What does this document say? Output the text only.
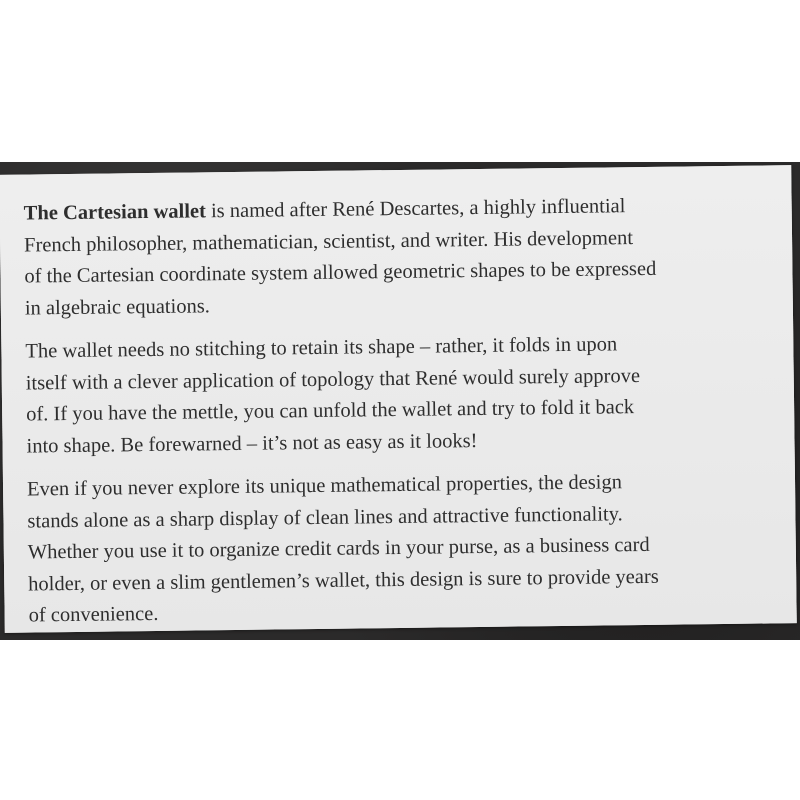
The Cartesian wallet is named after René Descartes, a highly influential
French philosopher, mathematician, scientist, and writer. His development
of the Cartesian coordinate system allowed geometric shapes to be expressed
in algebraic equations.

The wallet needs no stitching to retain its shape – rather, it folds in upon
itself with a clever application of topology that René would surely approve
of. If you have the mettle, you can unfold the wallet and try to fold it back
into shape. Be forewarned – it’s not as easy as it looks!

Even if you never explore its unique mathematical properties, the design
stands alone as a sharp display of clean lines and attractive functionality.
Whether you use it to organize credit cards in your purse, as a business card
holder, or even a slim gentlemen’s wallet, this design is sure to provide years
of convenience.
